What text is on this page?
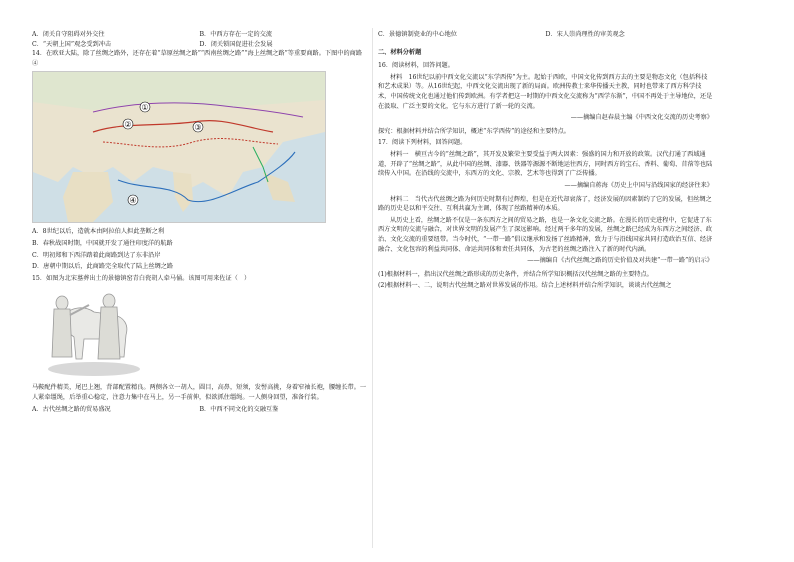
A．闭关自守阻碍对外交往	B．中西方存在一定的交流
C．“天朝上国”观念受到冲击	D．闭关锁国促进社会发展

14．在欧亚大陆，除了丝绸之路外，还存在着“草原丝绸之路”“西南丝绸之路”“海上丝绸之路”等重要商路。下图中的商路④

①
②	③
④

A．8世纪以后，造就本由阿拉伯人担此垄断之利

B．春秋战国时期，中国就开发了通往印度洋的航路

C．明初郑和下西洋踏着此商路到达了东非沿岸

D．唐朝中期以后，此商路完全取代了陆上丝绸之路

15．如图为北宋墓葬出土的景德镇窑青白瓷胡人牵马俑。该图可用来佐证（　）

马鞍配件精美，尾巴上翘，背部配置精良。两侧各立一胡人，圆目，高鼻，短须，发髻高挑，身着窄袖长袍，腰缠长带。一人紧牵缰绳，后举重心稳定，注意力集中在马上，另一手前伸，似欲抓住缰绳。一人侧身回望，准备行装。

A．古代丝绸之路的贸易盛况	B．中西不同文化的交融互鉴
C．景德镇制瓷业的中心地位	D．宋人崇尚理性的审美观念
二、材料分析题

16．阅读材料，回答问题。

材料　16世纪以前中西文化交流以“东学西传”为主。起始于西欧，中国文化传到西方去的主要是物态文化（包括科技和艺术成果）等。从16世纪起，中西文化交流出现了新的局面。欧洲传教士来华传播天主教，同时也带来了西方科学技术，中国传统文化也通过他们传到欧洲。有学者把这一时期的中西文化交流称为“西学东渐”，中国不再处于主导地位，还是在汲取、广泛主要的文化，它与东方进行了新一轮的交流。

——摘编自赵春晨主编《中西文化交流的历史考察》

探究：根据材料并结合所学知识，概述“东学西传”的途径和主要特点。

17．阅读下列材料，回答问题。

材料一　横亘古今的“丝绸之路”，其开发及繁荣主要受益于两大因素：强盛的国力和开放的政策。汉代打通了西域通道，开辟了“丝绸之路”，从此中国的丝绸、漆器、铁器等源源不断地运往西方，同时西方的宝石、香料、葡萄、苜蓿等也陆续传入中国。在沿线的交流中，东西方的文化、宗教、艺术等也得到了广泛传播。

——摘编自蒋海《历史上中国与沿线国家的经济往来》

材料二　当代古代丝绸之路为何历史时期有过辉煌，但是在近代却衰落了，经济发展的因素制约了它的发展，但丝绸之路的历史是以和平交往、互利共赢为主调，体现了丝路精神的本质。

从历史上看，丝绸之路不仅是一条东西方之间的贸易之路，也是一条文化交流之路。在漫长的历史进程中，它促进了东西方文明的交流与融合，对世界文明的发展产生了深远影响。经过两千多年的发展，丝绸之路已经成为东西方之间经济、政治、文化交流的重要纽带。当今时代，“一带一路”倡议继承和发扬了丝路精神，致力于与沿线国家共同打造政治互信、经济融合、文化包容的利益共同体、命运共同体和责任共同体，为古老的丝绸之路注入了新的时代内涵。

——摘编自《古代丝绸之路的历史价值及对共建“一带一路”的启示》

(1)根据材料一，指出汉代丝绸之路形成的历史条件，并结合所学知识概括汉代丝绸之路的主要特点。

(2)根据材料一、二，说明古代丝绸之路对世界发展的作用。结合上述材料并结合所学知识，谈谈古代丝绸之
